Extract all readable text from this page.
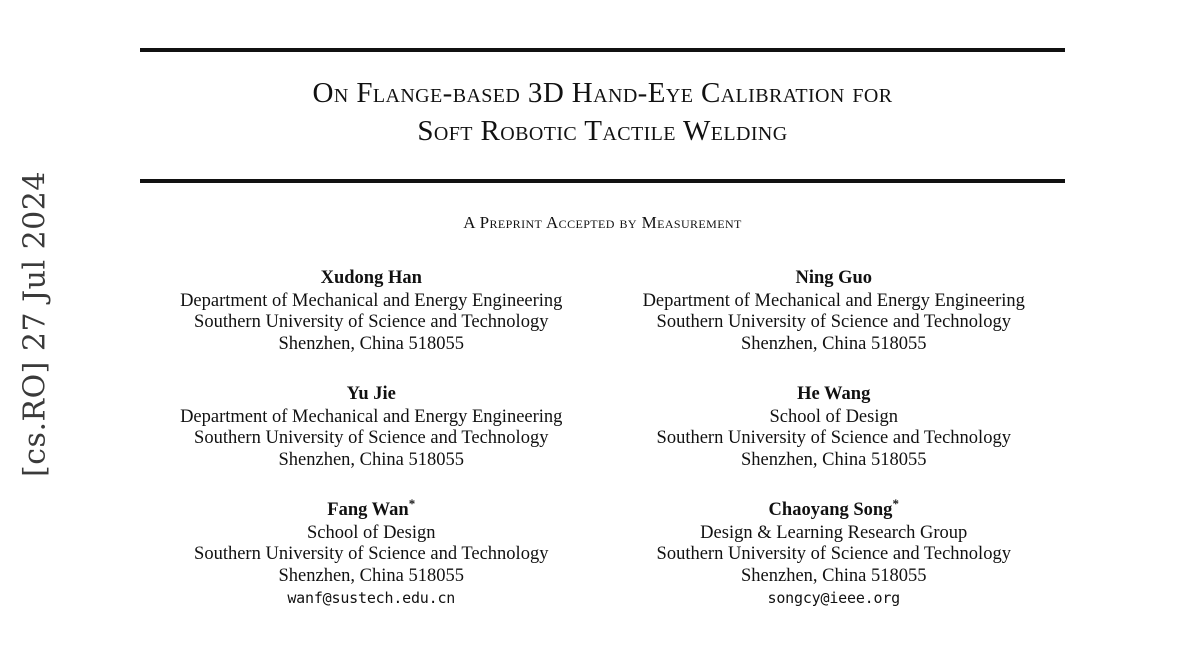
[cs.RO] 27 Jul 2024
On Flange-based 3D Hand-Eye Calibration for
Soft Robotic Tactile Welding
A Preprint Accepted by Measurement
Xudong Han
Department of Mechanical and Energy Engineering
Southern University of Science and Technology
Shenzhen, China 518055
Ning Guo
Department of Mechanical and Energy Engineering
Southern University of Science and Technology
Shenzhen, China 518055
Yu Jie
Department of Mechanical and Energy Engineering
Southern University of Science and Technology
Shenzhen, China 518055
He Wang
School of Design
Southern University of Science and Technology
Shenzhen, China 518055
Fang Wan*
School of Design
Southern University of Science and Technology
Shenzhen, China 518055
wanf@sustech.edu.cn
Chaoyang Song*
Design & Learning Research Group
Southern University of Science and Technology
Shenzhen, China 518055
songcy@ieee.org
